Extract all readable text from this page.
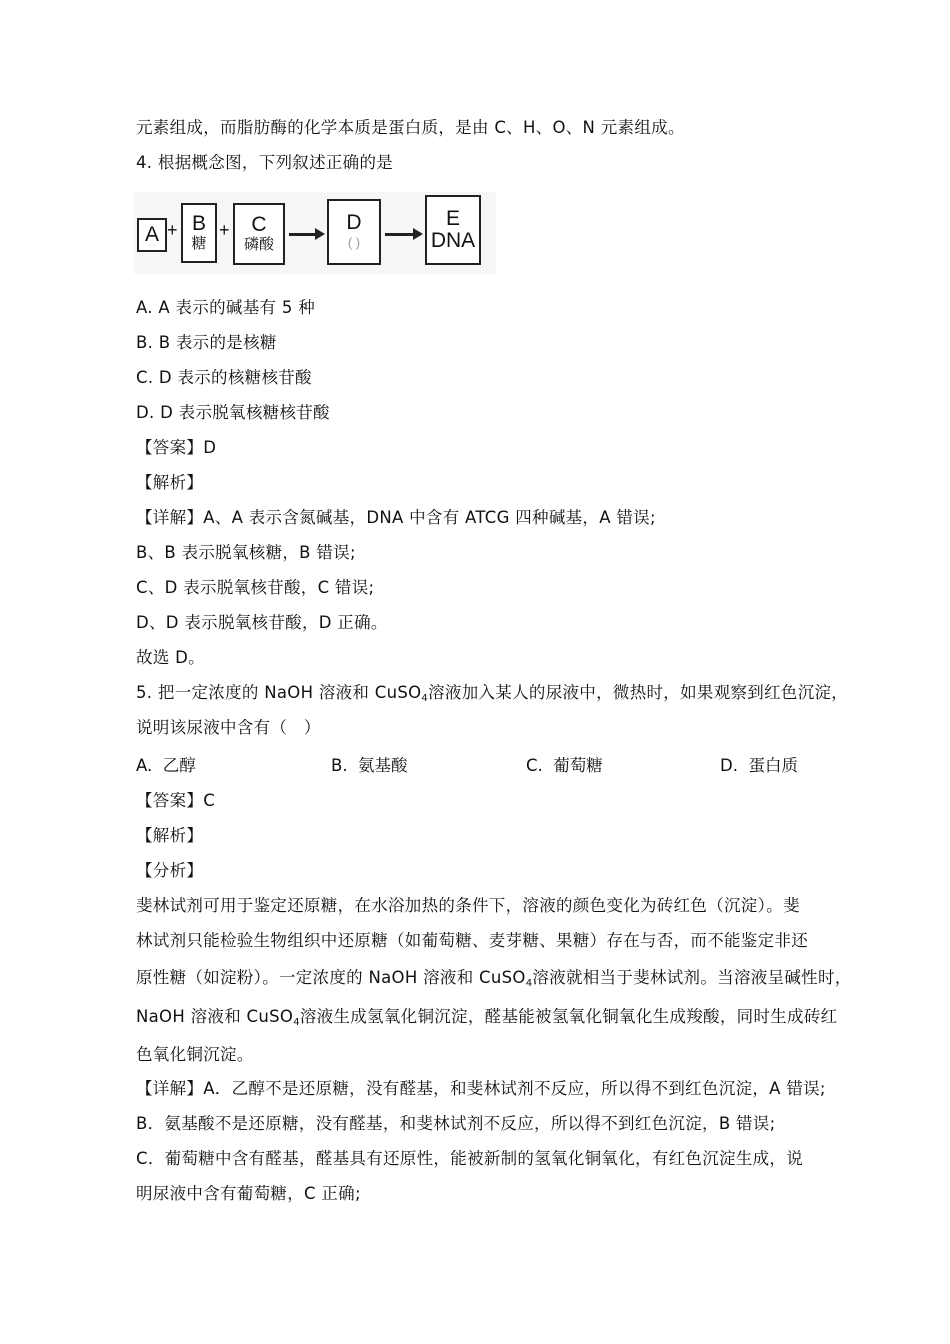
元素组成，而脂肪酶的化学本质是蛋白质，是由 C、H、O、N 元素组成。
4. 根据概念图，下列叙述正确的是
A + B
糖
+ C
磷酸
D
( )
E
DNA
A. A 表示的碱基有 5 种
B. B 表示的是核糖
C. D 表示的核糖核苷酸
D. D 表示脱氧核糖核苷酸
【答案】D
【解析】
【详解】A、A 表示含氮碱基，DNA 中含有 ATCG 四种碱基，A 错误;
B、B 表示脱氧核糖，B 错误;
C、D 表示脱氧核苷酸，C 错误;
D、D 表示脱氧核苷酸，D 正确。
故选 D。
5. 把一定浓度的 NaOH 溶液和 CuSO$_4$溶液加入某人的尿液中，微热时，如果观察到红色沉淀，
说明该尿液中含有（   ）
A.  乙醇	B.  氨基酸	C.  葡萄糖	D.  蛋白质
【答案】C
【解析】
【分析】
斐林试剂可用于鉴定还原糖，在水浴加热的条件下，溶液的颜色变化为砖红色（沉淀）。斐
林试剂只能检验生物组织中还原糖（如葡萄糖、麦芽糖、果糖）存在与否，而不能鉴定非还
原性糖（如淀粉）。一定浓度的 NaOH 溶液和 CuSO$_4$溶液就相当于斐林试剂。当溶液呈碱性时，
NaOH 溶液和 CuSO$_4$溶液生成氢氧化铜沉淀，醛基能被氢氧化铜氧化生成羧酸，同时生成砖红
色氧化铜沉淀。
【详解】A．乙醇不是还原糖，没有醛基，和斐林试剂不反应，所以得不到红色沉淀，A 错误;
B．氨基酸不是还原糖，没有醛基，和斐林试剂不反应，所以得不到红色沉淀，B 错误;
C．葡萄糖中含有醛基，醛基具有还原性，能被新制的氢氧化铜氧化，有红色沉淀生成，说
明尿液中含有葡萄糖，C 正确;
